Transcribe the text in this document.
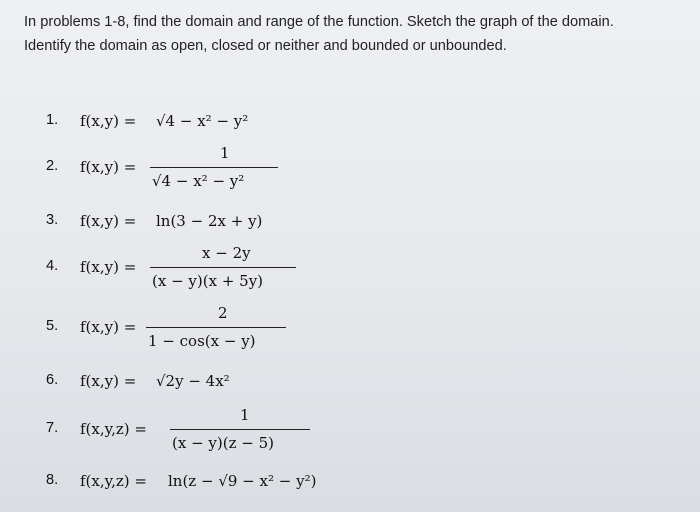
In problems 1-8, find the domain and range of the function. Sketch the graph of the domain.
Identify the domain as open, closed or neither and bounded or unbounded.
1. f(x,y) = √4 − x² − y²
2. f(x,y) =
1
√4 − x² − y²
3. f(x,y) = ln(3 − 2x + y)
4. f(x,y) =
x − 2y
(x − y)(x + 5y)
5. f(x,y) =
2
1 − cos(x − y)
6. f(x,y) = √2y − 4x²
7. f(x,y,z) =
1
(x − y)(z − 5)
8. f(x,y,z) = ln(z − √9 − x² − y²)
